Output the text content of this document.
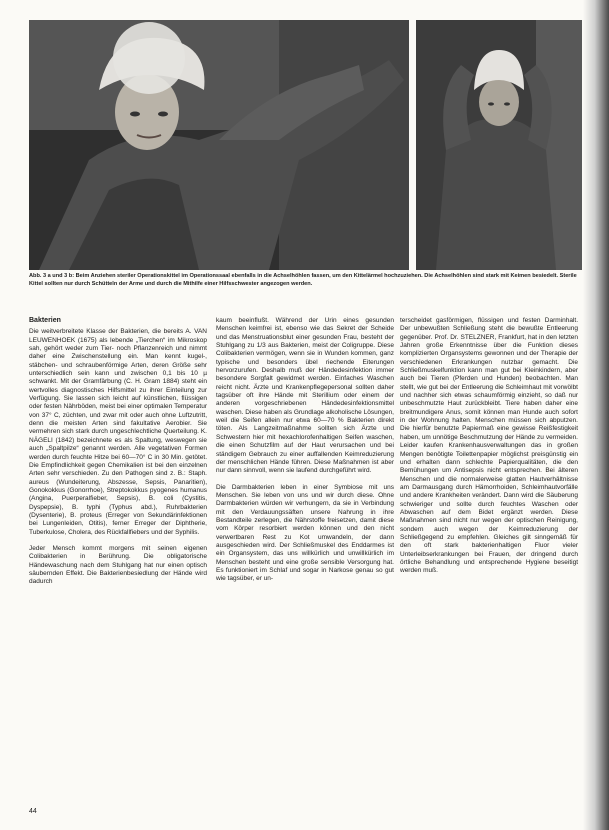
Abb. 3 a und 3 b: Beim Anziehen steriler Operationskittel im Operationssaal ebenfalls in die Achselhöhlen fassen, um den Kittelärmel hochzuziehen. Die Achselhöhlen sind stark mit Keimen besiedelt. Sterile Kittel sollten nur durch Schütteln der Arme und durch die Mithilfe einer Hilfsschwester angezogen werden.
Bakterien

Die weitverbreitete Klasse der Bakterien, die bereits A. VAN LEUWENHOEK (1675) als lebende „Tierchen“ im Mikroskop sah, gehört weder zum Tier- noch Pflanzenreich und nimmt daher eine Zwischenstellung ein. Man kennt kugel-, stäbchen- und schraubenförmige Arten, deren Größe sehr unterschiedlich sein kann und zwischen 0,1 bis 10 µ schwankt. Mit der Gramfärbung (C. H. Gram 1884) steht ein wertvolles diagnostisches Hilfsmittel zu ihrer Einteilung zur Verfügung. Sie lassen sich leicht auf künstlichen, flüssigen oder festen Nährböden, meist bei einer optimalen Temperatur von 37° C, züchten, und zwar mit oder auch ohne Luftzutritt, denn die meisten Arten sind fakultative Aerobier. Sie vermehren sich stark durch ungeschlechtliche Querteilung. K. NÄGELI (1842) bezeichnete es als Spaltung, weswegen sie auch „Spaltpilze“ genannt werden. Alle vegetativen Formen werden durch feuchte Hitze bei 60—70° C in 30 Min. getötet. Die Empfindlichkeit gegen Chemikalien ist bei den einzelnen Arten sehr verschieden. Zu den Pathogen sind z. B.: Staph. aureus (Wundeiterung, Abszesse, Sepsis, Panaritien), Gonokokkus (Gonorrhoe), Streptokokkus pyogenes humanus (Angina, Puerperalfieber, Sepsis), B. coli (Cystitis, Dyspepsie), B. typhi (Typhus abd.), Ruhrbakterien (Dysenterie), B. proteus (Erreger von Sekundärinfektionen bei Lungenleiden, Otitis), ferner Erreger der Diphtherie, Tuberkulose, Cholera, des Rückfallfiebers und der Syphilis.

Jeder Mensch kommt morgens mit seinen eigenen Colibakterien in Berührung. Die obligatorische Händewaschung nach dem Stuhlgang hat nur einen optisch säubernden Effekt. Die Bakterienbesiedlung der Hände wird dadurch

kaum beeinflußt. Während der Urin eines gesunden Menschen keimfrei ist, ebenso wie das Sekret der Scheide und das Menstruationsblut einer gesunden Frau, besteht der Stuhlgang zu 1/3 aus Bakterien, meist der Coligruppe. Diese Colibakterien vermögen, wenn sie in Wunden kommen, ganz typische und besonders übel riechende Eiterungen hervorzurufen. Deshalb muß der Händedesinfektion immer besondere Sorgfalt gewidmet werden. Einfaches Waschen reicht nicht. Ärzte und Krankenpflegepersonal sollten daher tagsüber oft ihre Hände mit Sterillium oder einem der anderen vorgeschriebenen Händedesinfektionsmittel waschen. Diese haben als Grundlage alkoholische Lösungen, weil die Seifen allein nur etwa 60—70 % Bakterien direkt töten. Als Langzeitmaßnahme sollten sich Ärzte und Schwestern hier mit hexachlorofenhaltigen Seifen waschen, die einen Schutzfilm auf der Haut verursachen und bei ständigem Gebrauch zu einer auffallenden Keimreduzierung der menschlichen Hände führen. Diese Maßnahmen ist aber nur dann sinnvoll, wenn sie laufend durchgeführt wird.

Die Darmbakterien leben in einer Symbiose mit uns Menschen. Sie leben von uns und wir durch diese. Ohne Darmbakterien würden wir verhungern, da sie in Verbindung mit den Verdauungssäften unsere Nahrung in ihre Bestandteile zerlegen, die Nährstoffe freisetzen, damit diese vom Körper resorbiert werden können und den nicht verwertbaren Rest zu Kot umwandeln, der dann ausgeschieden wird. Der Schließmuskel des Enddarmes ist ein Organsystem, das uns willkürlich und unwillkürlich im Menschen besteht und eine große sensible Versorgung hat. Es funktioniert im Schlaf und sogar in Narkose genau so gut wie tagsüber, er un-

terscheidet gasförmigen, flüssigen und festen Darminhalt. Der unbewußten Schließung steht die bewußte Entleerung gegenüber. Prof. Dr. STELZNER, Frankfurt, hat in den letzten Jahren große Erkenntnisse über die Funktion dieses komplizierten Organsystems gewonnen und der Therapie der verschiedenen Erkrankungen nutzbar gemacht. Die Schließmuskelfunktion kann man gut bei Kleinkindern, aber auch bei Tieren (Pferden und Hunden) beobachten. Man stellt, wie gut bei der Entleerung die Schleimhaut mit vorwölbt und nachher sich etwas schaumförmig einzieht, so daß nur unbeschmutzte Haut zurückbleibt. Tiere haben daher eine breitmundigere Anus, somit können man Hunde auch sofort in der Wohnung halten. Menschen müssen sich abputzen. Die hierfür benutzte Papiermaß eine gewisse Reißfestigkeit haben, um unnötige Beschmutzung der Hände zu vermeiden. Leider kaufen Krankenhausverwaltungen das in großen Mengen benötigte Toilettenpapier möglichst preisgünstig ein und erhalten dann schlechte Papierqualitäten, die den Bemühungen um Antisepsis nicht entsprechen. Bei älteren Menschen und die normalerweise glatten Hautverhältnisse am Darmausgang durch Hämorrhoiden, Schleimhautvorfälle und andere Krankheiten verändert. Dann wird die Säuberung schwieriger und sollte durch feuchtes Waschen oder Abwaschen auf dem Bidet ergänzt werden. Diese Maßnahmen sind nicht nur wegen der optischen Reinigung, sondern auch wegen der Keimreduzierung der Schließgegend zu empfehlen. Gleiches gilt sinngemäß für den oft stark bakterienhaltigen Fluor vieler Unterleibserkrankungen bei Frauen, der dringend durch örtliche Behandlung und entsprechende Hygiene beseitigt werden muß.

44
